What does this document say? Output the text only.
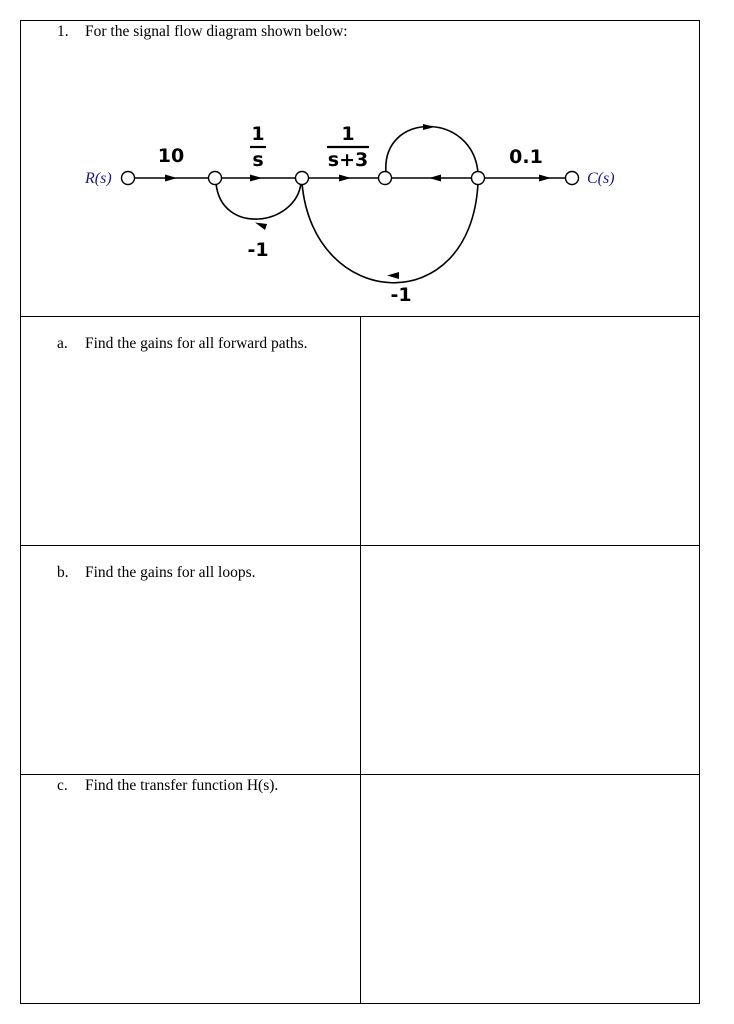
1. For the signal flow diagram shown below:
R(s)	C(s)
10
1
s
1
s+3	0.1
-1
-1
a. Find the gains for all forward paths.
b. Find the gains for all loops.
c. Find the transfer function H(s).
